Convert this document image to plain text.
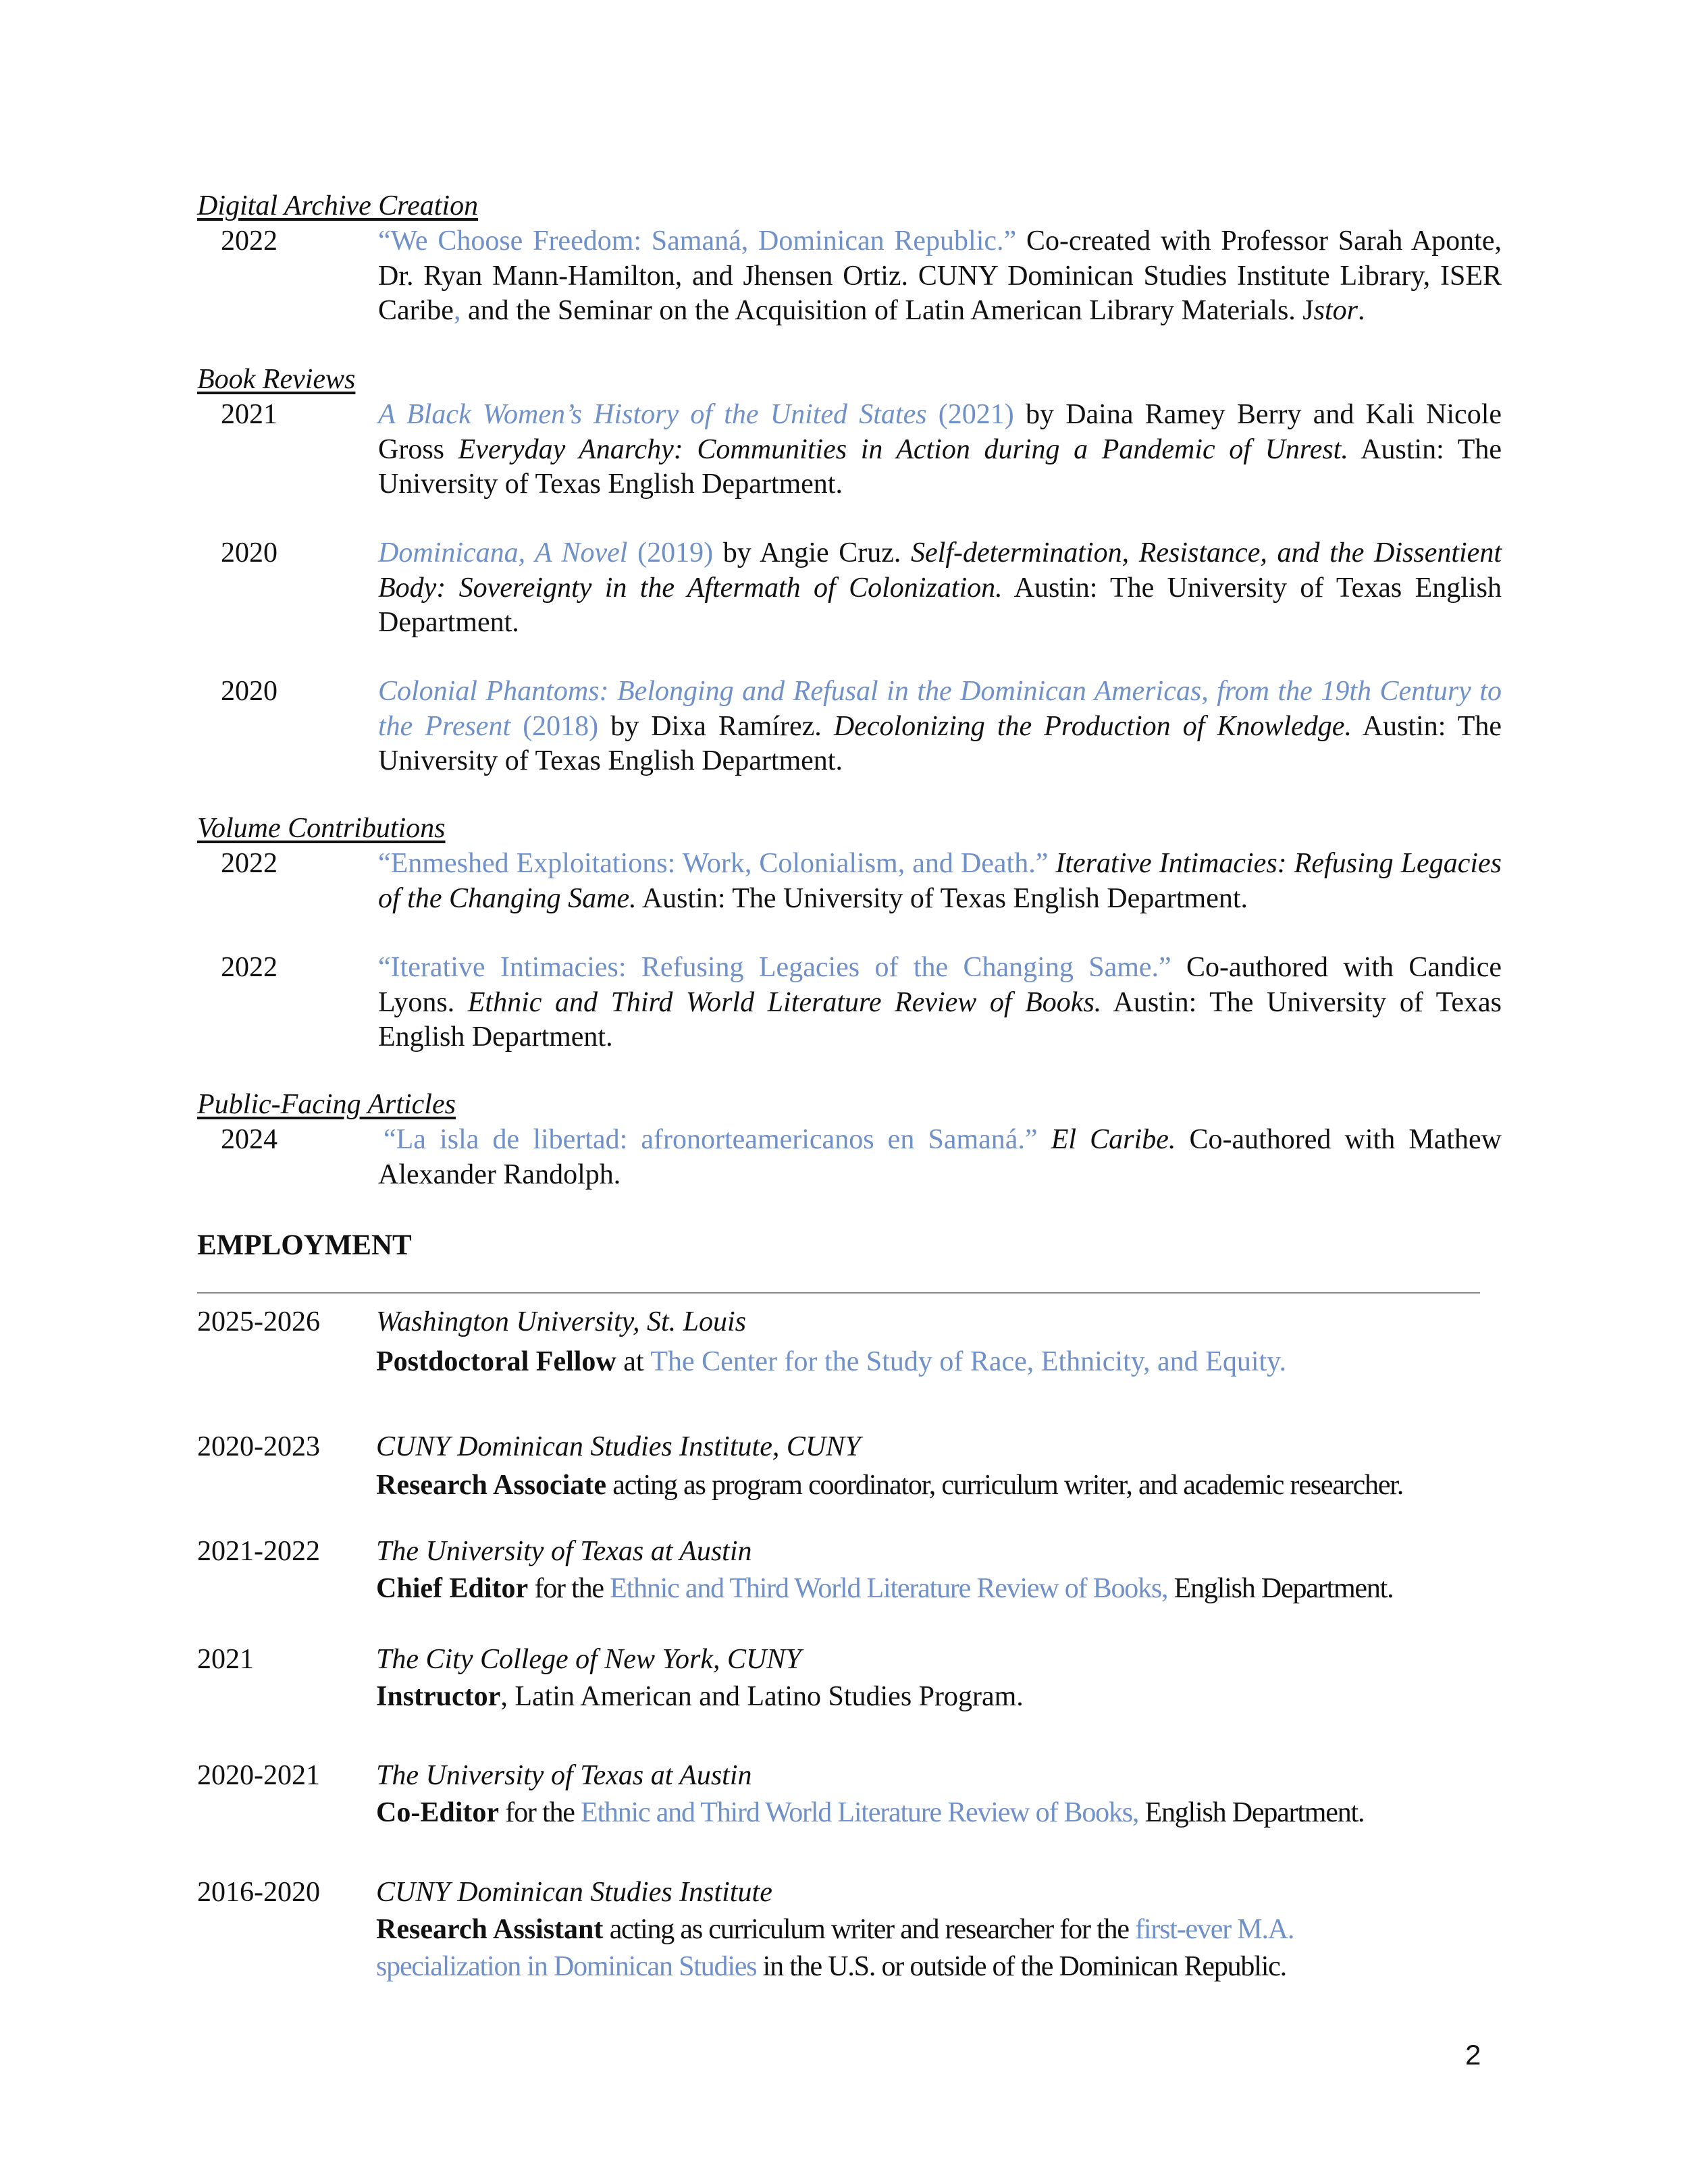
Digital Archive Creation
2022	“We Choose Freedom: Samaná, Dominican Republic.” Co-created with Professor Sarah Aponte, Dr. Ryan Mann-Hamilton, and Jhensen Ortiz. CUNY Dominican Studies Institute Library, ISER Caribe, and the Seminar on the Acquisition of Latin American Library Materials. Jstor.
Book Reviews
2021	A Black Women’s History of the United States (2021) by Daina Ramey Berry and Kali Nicole Gross Everyday Anarchy: Communities in Action during a Pandemic of Unrest. Austin: The University of Texas English Department.
2020	Dominicana, A Novel (2019) by Angie Cruz. Self-determination, Resistance, and the Dissentient Body: Sovereignty in the Aftermath of Colonization. Austin: The University of Texas English Department.
2020	Colonial Phantoms: Belonging and Refusal in the Dominican Americas, from the 19th Century to the Present (2018) by Dixa Ramírez. Decolonizing the Production of Knowledge. Austin: The University of Texas English Department.
Volume Contributions
2022	“Enmeshed Exploitations: Work, Colonialism, and Death.” Iterative Intimacies: Refusing Legacies of the Changing Same. Austin: The University of Texas English Department.
2022	“Iterative Intimacies: Refusing Legacies of the Changing Same.” Co-authored with Candice Lyons. Ethnic and Third World Literature Review of Books. Austin: The University of Texas English Department.
Public-Facing Articles
2024	“La isla de libertad: afronorteamericanos en Samaná.” El Caribe. Co-authored with Mathew Alexander Randolph.
EMPLOYMENT
2025-2026 Washington University, St. Louis
Postdoctoral Fellow at The Center for the Study of Race, Ethnicity, and Equity.
2020-2023 CUNY Dominican Studies Institute, CUNY
Research Associate acting as program coordinator, curriculum writer, and academic researcher.
2021-2022 The University of Texas at Austin
Chief Editor for the Ethnic and Third World Literature Review of Books, English Department.
2021	The City College of New York, CUNY
Instructor, Latin American and Latino Studies Program.
2020-2021 The University of Texas at Austin
Co-Editor for the Ethnic and Third World Literature Review of Books, English Department.
2016-2020 CUNY Dominican Studies Institute
Research Assistant acting as curriculum writer and researcher for the first-ever M.A. specialization in Dominican Studies in the U.S. or outside of the Dominican Republic.
2
